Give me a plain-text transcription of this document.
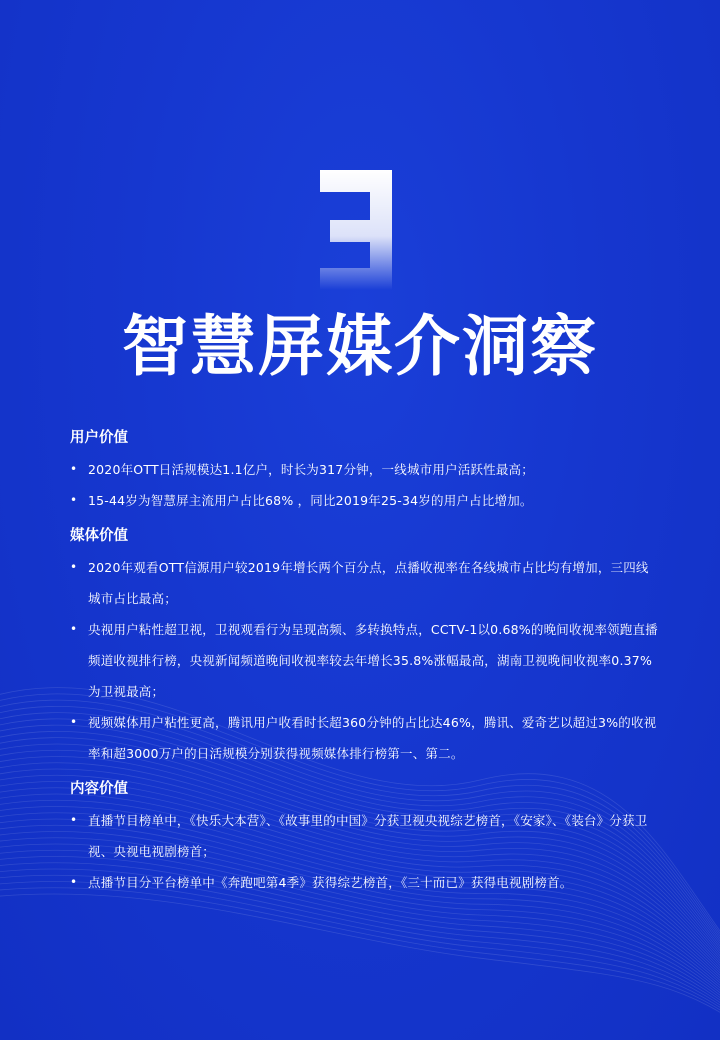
智慧屏媒介洞察
用户价值
• 2020年OTT日活规模达1.1亿户，时长为317分钟，一线城市用户活跃性最高；
• 15-44岁为智慧屏主流用户占比68% ，同比2019年25-34岁的用户占比增加。
媒体价值
• 2020年观看OTT信源用户较2019年增长两个百分点，点播收视率在各线城市占比均有增加，三四线城市占比最高；
• 央视用户粘性超卫视，卫视观看行为呈现高频、多转换特点，CCTV-1以0.68%的晚间收视率领跑直播频道收视排行榜，央视新闻频道晚间收视率较去年增长35.8%涨幅最高，湖南卫视晚间收视率0.37%为卫视最高；
• 视频媒体用户粘性更高，腾讯用户收看时长超360分钟的占比达46%，腾讯、爱奇艺以超过3%的收视率和超3000万户的日活规模分别获得视频媒体排行榜第一、第二。
内容价值
• 直播节目榜单中，《快乐大本营》、《故事里的中国》分获卫视央视综艺榜首，《安家》、《装台》分获卫视、央视电视剧榜首；
• 点播节目分平台榜单中《奔跑吧第4季》获得综艺榜首，《三十而已》获得电视剧榜首。
